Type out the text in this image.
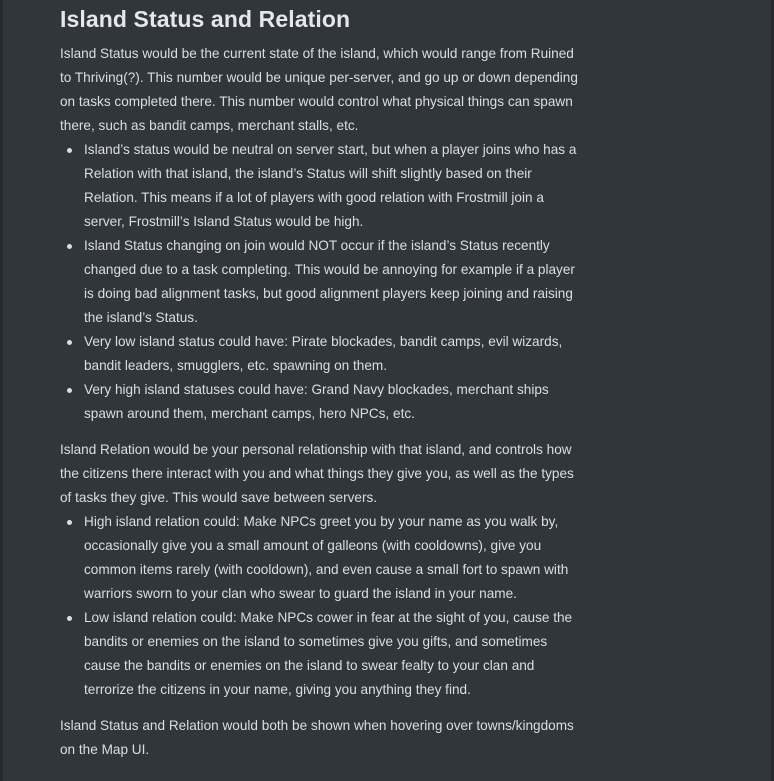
Island Status and Relation

Island Status would be the current state of the island, which would range from Ruined to Thriving(?). This number would be unique per-server, and go up or down depending on tasks completed there. This number would control what physical things can spawn there, such as bandit camps, merchant stalls, etc.

Island’s status would be neutral on server start, but when a player joins who has a Relation with that island, the island’s Status will shift slightly based on their Relation. This means if a lot of players with good relation with Frostmill join a server, Frostmill’s Island Status would be high.
Island Status changing on join would NOT occur if the island’s Status recently changed due to a task completing. This would be annoying for example if a player is doing bad alignment tasks, but good alignment players keep joining and raising the island’s Status.
Very low island status could have: Pirate blockades, bandit camps, evil wizards, bandit leaders, smugglers, etc. spawning on them.
Very high island statuses could have: Grand Navy blockades, merchant ships spawn around them, merchant camps, hero NPCs, etc.

Island Relation would be your personal relationship with that island, and controls how the citizens there interact with you and what things they give you, as well as the types of tasks they give. This would save between servers.

High island relation could: Make NPCs greet you by your name as you walk by, occasionally give you a small amount of galleons (with cooldowns), give you common items rarely (with cooldown), and even cause a small fort to spawn with warriors sworn to your clan who swear to guard the island in your name.
Low island relation could: Make NPCs cower in fear at the sight of you, cause the bandits or enemies on the island to sometimes give you gifts, and sometimes cause the bandits or enemies on the island to swear fealty to your clan and terrorize the citizens in your name, giving you anything they find.

Island Status and Relation would both be shown when hovering over towns/kingdoms on the Map UI.
